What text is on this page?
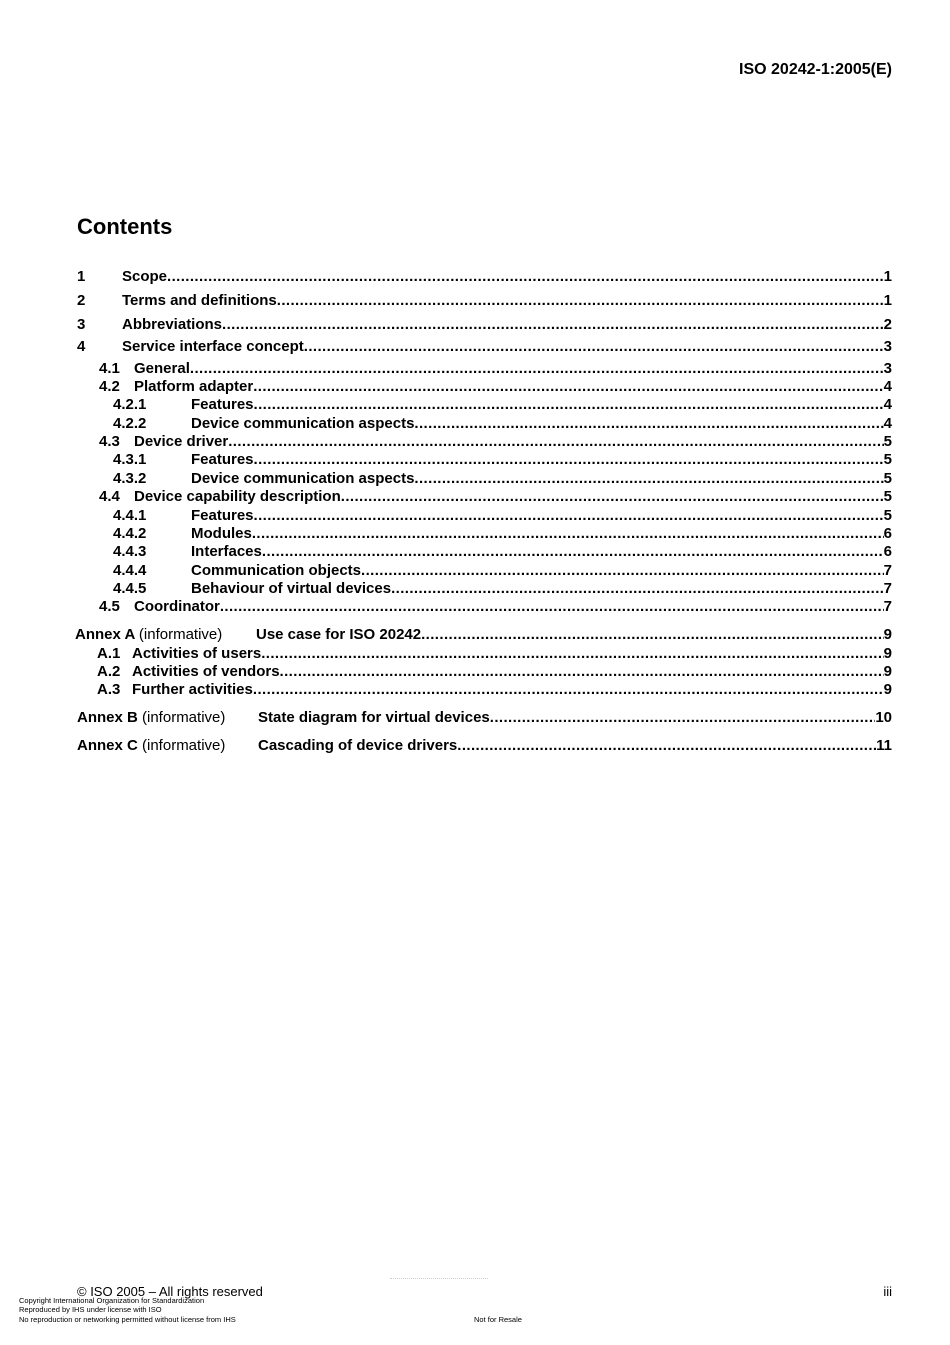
ISO 20242-1:2005(E)
Contents
1	Scope .....	1
2	Terms and definitions .....	1
3	Abbreviations .....	2
4	Service interface concept .....	3
4.1 General .....	3
4.2 Platform adapter .....	4
4.2.1	Features .....	4
4.2.2	Device communication aspects .....	4
4.3 Device driver .....	5
4.3.1	Features .....	5
4.3.2	Device communication aspects .....	5
4.4 Device capability description .....	5
4.4.1	Features .....	5
4.4.2	Modules .....	6
4.4.3	Interfaces .....	6
4.4.4	Communication objects .....	7
4.4.5	Behaviour of virtual devices .....	7
4.5 Coordinator .....	7
Annex A (informative)	Use case for ISO 20242 .....	9
A.1 Activities of users .....	9
A.2 Activities of vendors .....	9
A.3 Further activities .....	9
Annex B (informative)	State diagram for virtual devices .....	10
Annex C (informative)	Cascading of device drivers .....	11
© ISO 2005 – All rights reserved	iii
Copyright International Organization for Standardization
Reproduced by IHS under license with ISO
No reproduction or networking permitted without license from IHS	Not for Resale
